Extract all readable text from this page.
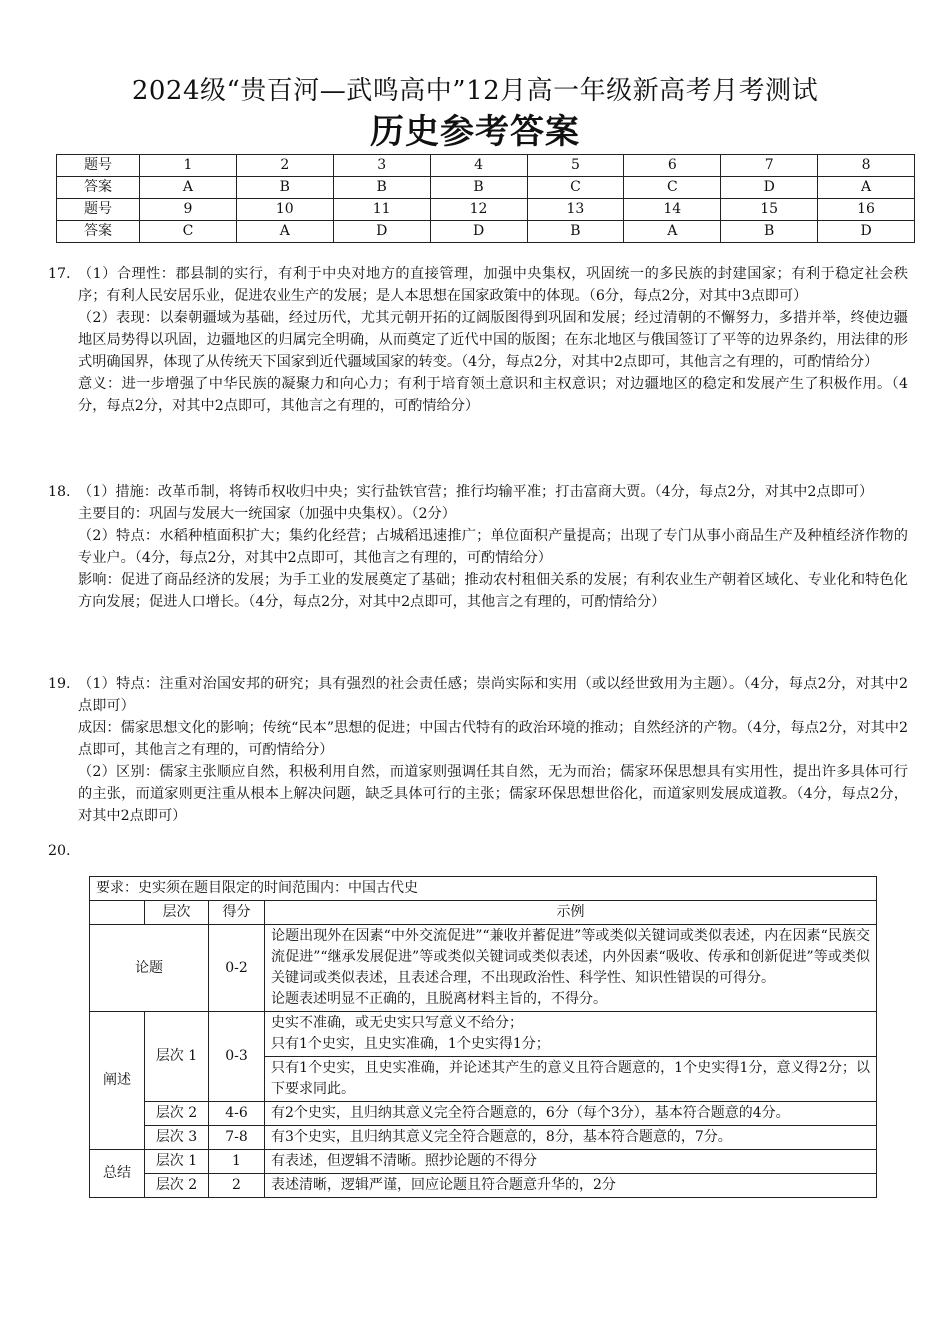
2024级“贵百河—武鸣高中”12月高一年级新高考月考测试
历史参考答案
题号	1	2	3	4	5	6	7	8
答案	A	B	B	B	C	C	D	A
题号	9	10	11	12	13	14	15	16
答案	C	A	D	D	B	A	B	D
17. （1）合理性：郡县制的实行，有利于中央对地方的直接管理，加强中央集权，巩固统一的多民族的封建国家；有利于稳定社会秩序；有利人民安居乐业，促进农业生产的发展；是人本思想在国家政策中的体现。（6分，每点2分，对其中3点即可）

（2）表现：以秦朝疆域为基础，经过历代，尤其元朝开拓的辽阔版图得到巩固和发展；经过清朝的不懈努力，多措并举，终使边疆地区局势得以巩固，边疆地区的归属完全明确，从而奠定了近代中国的版图；在东北地区与俄国签订了平等的边界条约，用法律的形式明确国界，体现了从传统天下国家到近代疆域国家的转变。（4分，每点2分，对其中2点即可，其他言之有理的，可酌情给分）

意义：进一步增强了中华民族的凝聚力和向心力；有利于培育领土意识和主权意识；对边疆地区的稳定和发展产生了积极作用。（4分，每点2分，对其中2点即可，其他言之有理的，可酌情给分）

18. （1）措施：改革币制，将铸币权收归中央；实行盐铁官营；推行均输平准；打击富商大贾。（4分，每点2分，对其中2点即可）

主要目的：巩固与发展大一统国家（加强中央集权）。（2分）

（2）特点：水稻种植面积扩大；集约化经营；占城稻迅速推广；单位面积产量提高；出现了专门从事小商品生产及种植经济作物的专业户。（4分，每点2分，对其中2点即可，其他言之有理的，可酌情给分）

影响：促进了商品经济的发展；为手工业的发展奠定了基础；推动农村租佃关系的发展；有利农业生产朝着区域化、专业化和特色化方向发展；促进人口增长。（4分，每点2分，对其中2点即可，其他言之有理的，可酌情给分）

19. （1）特点：注重对治国安邦的研究；具有强烈的社会责任感；崇尚实际和实用（或以经世致用为主题）。（4分，每点2分，对其中2点即可）

成因：儒家思想文化的影响；传统“民本”思想的促进；中国古代特有的政治环境的推动；自然经济的产物。（4分，每点2分，对其中2点即可，其他言之有理的，可酌情给分）

（2）区别：儒家主张顺应自然，积极利用自然，而道家则强调任其自然，无为而治；儒家环保思想具有实用性，提出许多具体可行的主张，而道家则更注重从根本上解决问题，缺乏具体可行的主张；儒家环保思想世俗化，而道家则发展成道教。（4分，每点2分，对其中2点即可）

20.
要求：史实须在题目限定的时间范围内：中国古代史			
	层次	得分	示例
论题		0-2	论题出现外在因素“中外交流促进”“兼收并蓄促进”等或类似关键词或类似表述，内在因素“民族交流促进”“继承发展促进”等或类似关键词或类似表述，内外因素“吸收、传承和创新促进”等或类似关键词或类似表述，且表述合理，不出现政治性、科学性、知识性错误的可得分。
论题表述明显不正确的，且脱离材料主旨的，不得分。

阐述	层次 1	0-3	史实不准确，或无史实只写意义不给分；
只有1个史实，且史实准确，1个史实得1分；

			只有1个史实，且史实准确，并论述其产生的意义且符合题意的，1个史实得1分，意义得2分；以下要求同此。
	层次 2	4-6	有2个史实，且归纳其意义完全符合题意的，6分（每个3分），基本符合题意的4分。
	层次 3	7-8	有3个史实，且归纳其意义完全符合题意的，8分，基本符合题意的，7分。
总结	层次 1	1	有表述，但逻辑不清晰。照抄论题的不得分
	层次 2	2	表述清晰，逻辑严谨，回应论题且符合题意升华的，2分
